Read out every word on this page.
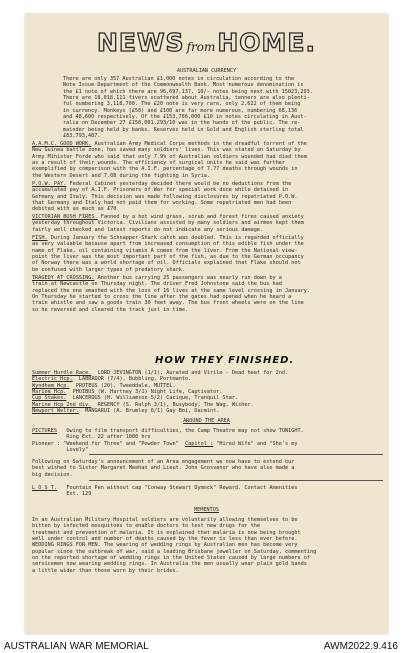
NEWS fromHOME.
AUSTRALIAN CURRENCY
There are only 357 Australian £1,000 notes in circulation according to the
Note Issue Department of the Commonwealth Bank. Most numerous denomination is
the £1 note of which there are 96,697,137, 10/- notes being next with 15023,293.
There are 18,018,111 fivers scattered about Australia, tenners are also plenti-
ful numbering 3,118,700. The £20 note is very rare, only 2,622 of them being
in currency. Monkeys (£50) and £100 are far more numerous, numbering 68,136
and 48,600 respectively. Of the £153,766,000 £10 in notes circulating in Aust-
ralia on December 27 £150,001,293/10 was in the hands of the public. The re-
mainder being held by banks. Reserves held in Gold and English sterling total
£83,793,487.
A.A.M.C. GOOD WORK. Australian Army Medical Corps methods in the dreadful torrent of the
New Guinea battle zone, has saved many soldiers' lives. This was stated on Saturday by
Army Minister Forde who said that only 7.9% of Australian soldiers wounded had died them
as a result of their wounds. The efficiency of surgical units he said was further
exemplified by comparison with the A.I.F. percentage of 7.77 deaths through wounds in
the Western Desert and 7.08 during the fighting in Syria.
P.O.W. PAY. Federal Cabinet yesterday decided there would be no deductions from the
accumulated pay of A.I.F. Prisoners of War for special work done while detained in
Germany and Italy. This decision was made following disclosures by repatriated P.O.W.
that Germany and Italy had not paid them for working. Some repatriated men had been
debited with as much as £70
VICTORIAN BUSH FIRES. Fanned by a hot wind grass, scrub and forest fires caused anxiety
yesterday throughout Victoria. Civilians assisted by many soldiers and airmen kept them
fairly well checked and latest reports do not indicate any serious damage.
FISH. During January the Schnapper-Shark catch was doubled. This is regarded officially
as very valuable because apart from increased consumption of this edible fish under the
name of Flake, oil containing vitamin A comes from the liver. From the National view-
point the liver was the most important part of the fish, as due to the German occupancy
of Norway there was a world shortage of oil. Officials explained that Flake should not
be confused with larger types of predatory shark.
TRAGEDY AT CROSSING. Another bus carrying 25 passengers was nearly run down by a
train at Newcastle on Thursday night. The driver Fred Johnstone said the bus had
replaced the one smashed with the loss of 16 lives at the same level crossing in January.
On Thursday he started to cross the line after the gates had opened when he heard a
train whistle and saw a goods train 30 feet away. The bus front wheels were on the line
so he reversed and cleared the track just in time.
HOW THEY FINISHED.
Summer Hurdle Race. LORD JEVINGTON (1/1), Aurated and Virile - Dead heat for 2nd.
Electric Hcp. LABRADOR (7/4), Bubbling, Portmanto.
Wyndham Hcp. PROTEUS (20), Tweeddale, MUTTEL.
Marine Hcp. PHOIBUS (W. Hartney 3/1) Night Life, Captivator.
Cup Stakes. LANCEROUS (H. Williamson 5/2) Cacique, Tranquil Star.
Marine Hcp 2nd div. REGENCY (S. Ralph 3/1), Busybody, The Wag, Wisher.
Newport Welter. MANGARUI (A. Brumley 6/1) Gay Boi, Dacmint.
AROUND THE AREA
PICTURES Owing to film transport difficulties, the Camp Theatre may not show TONIGHT.
Ring Ext. 22 after 1800 hrs
Pioneer : "Weekend for Three" and "Powder Town" Capitol : "Hired Wife" and "She's my
Lovely"
Following on Saturday's announcement of an Area engagement we now have to extend our
best wished to Sister Margaret Meehan and Lieut. John Grosvenor who have also made a
big decision.
L O S T. Fountain Pen without cap "Conway Stewart Dymock" Reward. Contact Amenities
Ext. 129
MEMENTOS
In an Australian Military Hospital soldiers are voluntarily allowing themselves to be
bitten by infected mosquitoes to enable doctors to test new drugs for the
treatment and prevention of malaria. It is explained that malaria is now being brought
well under control and number of deaths caused by the fever is less than ever before.
WEDDING RINGS FOR MEN. The wearing of wedding rings by Australian men has become very
popular since the outbreak of war, said a leading Brisbane jeweller on Saturday, commenting
on the reported shortage of wedding rings in the United States caused by large numbers of
servicemen now wearing wedding rings. In Australia the men usually wear plain gold bands
a little wider than those worn by their brides.
AUSTRALIAN WAR MEMORIAL	AWM2022.9.416
